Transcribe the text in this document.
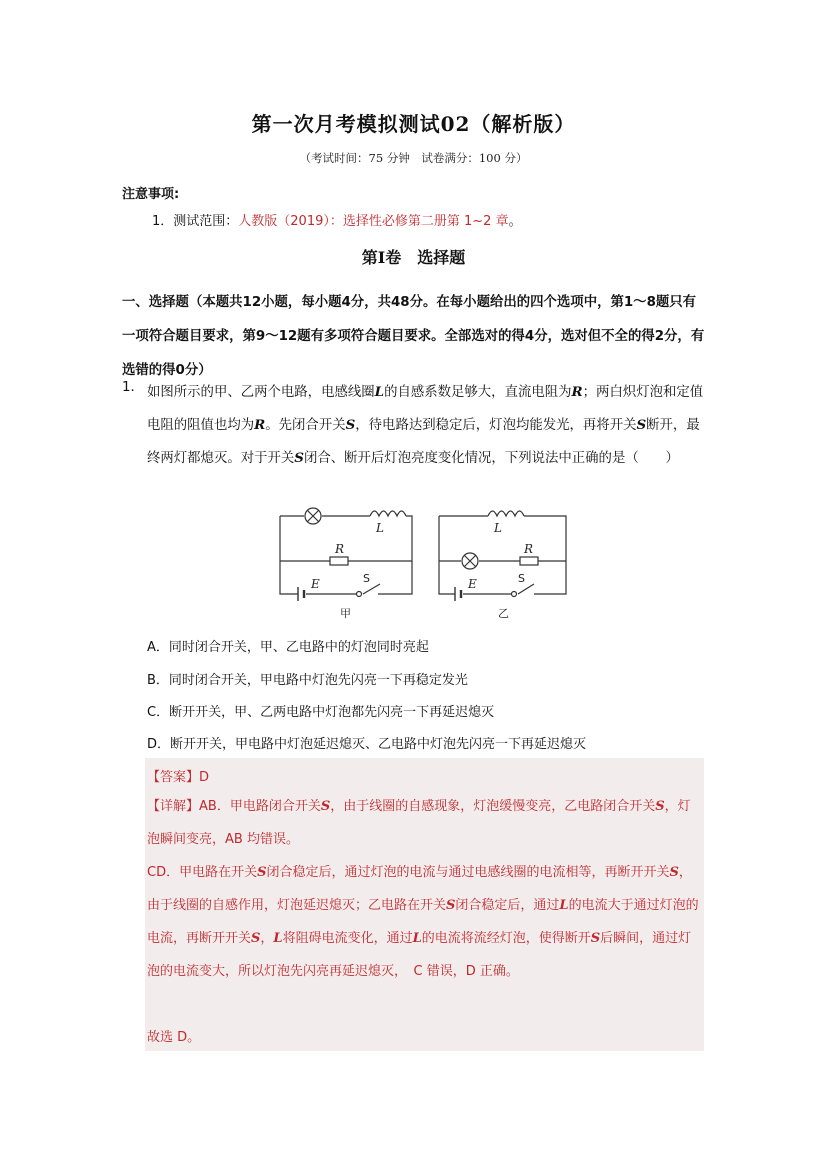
第一次月考模拟测试02（解析版）
（考试时间：75 分钟　试卷满分：100 分）
注意事项:
1．测试范围：人教版（2019）：选择性必修第二册第 1~2 章。
第Ⅰ卷　选择题
一、选择题（本题共12小题，每小题4分，共48分。在每小题给出的四个选项中，第1～8题只有一项符合题目要求，第9～12题有多项符合题目要求。全部选对的得4分，选对但不全的得2分，有选错的得0分）
1． 如图所示的甲、乙两个电路，电感线圈L的自感系数足够大，直流电阻为R；两白炽灯泡和定值电阻的阻值也均为R。先闭合开关S，待电路达到稳定后，灯泡均能发光，再将开关S断开，最终两灯都熄灭。对于开关S闭合、断开后灯泡亮度变化情况，下列说法中正确的是（　　）

L
R
E
L
R
E
S	S
甲	乙
A．同时闭合开关，甲、乙电路中的灯泡同时亮起
B．同时闭合开关，甲电路中灯泡先闪亮一下再稳定发光
C．断开开关，甲、乙两电路中灯泡都先闪亮一下再延迟熄灭
D．断开开关，甲电路中灯泡延迟熄灭、乙电路中灯泡先闪亮一下再延迟熄灭
【答案】D

【详解】AB．甲电路闭合开关S，由于线圈的自感现象，灯泡缓慢变亮，乙电路闭合开关S，灯泡瞬间变亮，AB 均错误。
CD．甲电路在开关S闭合稳定后，通过灯泡的电流与通过电感线圈的电流相等，再断开开关S，由于线圈的自感作用，灯泡延迟熄灭；乙电路在开关S闭合稳定后，通过L的电流大于通过灯泡的电流，再断开开关S，L将阻碍电流变化，通过L的电流将流经灯泡，使得断开S后瞬间，通过灯泡的电流变大，所以灯泡先闪亮再延迟熄灭，　C 错误，D 正确。

故选 D。
